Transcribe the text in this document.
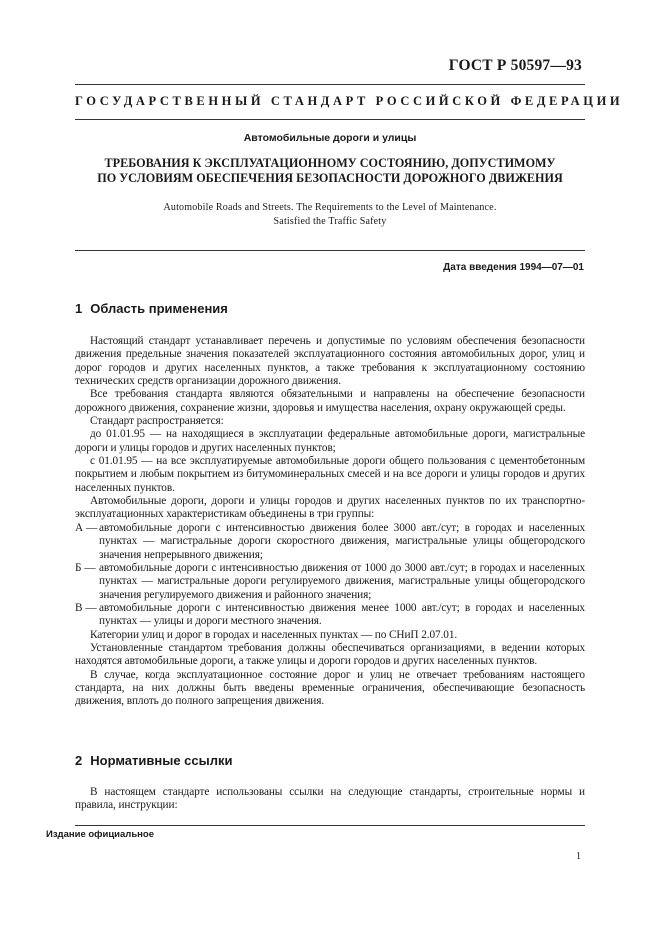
ГОСТ Р 50597—93
ГОСУДАРСТВЕННЫЙ СТАНДАРТ РОССИЙСКОЙ ФЕДЕРАЦИИ
Автомобильные дороги и улицы
ТРЕБОВАНИЯ К ЭКСПЛУАТАЦИОННОМУ СОСТОЯНИЮ, ДОПУСТИМОМУ
ПО УСЛОВИЯМ ОБЕСПЕЧЕНИЯ БЕЗОПАСНОСТИ ДОРОЖНОГО ДВИЖЕНИЯ
Automobile Roads and Streets. The Requirements to the Level of Maintenance.
Satisfied the Traffic Safety
Дата введения 1994—07—01
1 Область применения

Настоящий стандарт устанавливает перечень и допустимые по условиям обеспечения безопасности движения предельные значения показателей эксплуатационного состояния автомобильных дорог, улиц и дорог городов и других населенных пунктов, а также требования к эксплуатационному состоянию технических средств организации дорожного движения.

Все требования стандарта являются обязательными и направлены на обеспечение безопасности дорожного движения, сохранение жизни, здоровья и имущества населения, охрану окружающей среды.

Стандарт распространяется:

до 01.01.95 — на находящиеся в эксплуатации федеральные автомобильные дороги, магистральные дороги и улицы городов и других населенных пунктов;

с 01.01.95 — на все эксплуатируемые автомобильные дороги общего пользования с цементобетонным покрытием и любым покрытием из битумоминеральных смесей и на все дороги и улицы городов и других населенных пунктов.

Автомобильные дороги, дороги и улицы городов и других населенных пунктов по их транспортно-эксплуатационных характеристикам объединены в три группы:

А — автомобильные дороги с интенсивностью движения более 3000 авт./сут; в городах и населенных пунктах — магистральные дороги скоростного движения, магистральные улицы общегородского значения непрерывного движения;

Б — автомобильные дороги с интенсивностью движения от 1000 до 3000 авт./сут; в городах и населенных пунктах — магистральные дороги регулируемого движения, магистральные улицы общегородского значения регулируемого движения и районного значения;

В — автомобильные дороги с интенсивностью движения менее 1000 авт./сут; в городах и населенных пунктах — улицы и дороги местного значения.

Категории улиц и дорог в городах и населенных пунктах — по СНиП 2.07.01.

Установленные стандартом требования должны обеспечиваться организациями, в ведении которых находятся автомобильные дороги, а также улицы и дороги городов и других населенных пунктов.

В случае, когда эксплуатационное состояние дорог и улиц не отвечает требованиям настоящего стандарта, на них должны быть введены временные ограничения, обеспечивающие безопасность движения, вплоть до полного запрещения движения.

2 Нормативные ссылки

В настоящем стандарте использованы ссылки на следующие стандарты, строительные нормы и правила, инструкции:

Издание официальное
1
